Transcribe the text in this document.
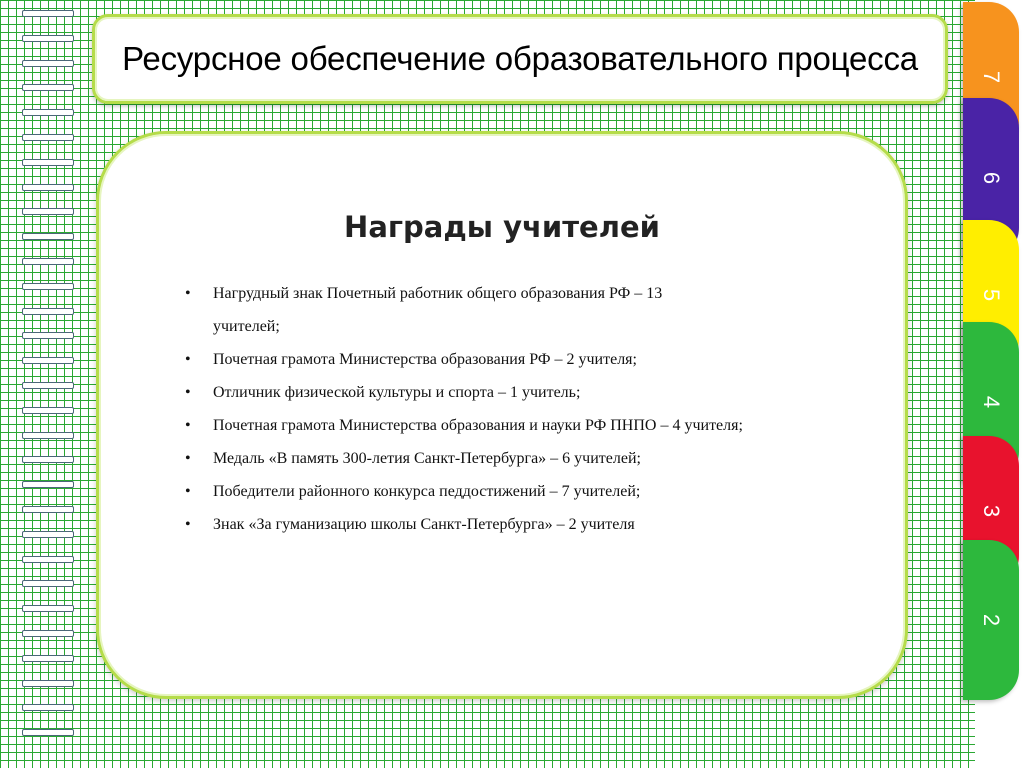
Ресурсное обеспечение образовательного процесса
Награды учителей
• Нагрудный знак Почетный работник общего образования РФ – 13 учителей;
• Почетная грамота Министерства образования РФ – 2 учителя;
• Отличник физической культуры и спорта – 1 учитель;
• Почетная грамота Министерства образования и науки РФ ПНПО – 4 учителя;
• Медаль «В память 300-летия Санкт-Петербурга» – 6 учителей;
• Победители районного конкурса педдостижений – 7 учителей;
• Знак «За гуманизацию школы Санкт-Петербурга» – 2 учителя
7
6
5
4
3
2
